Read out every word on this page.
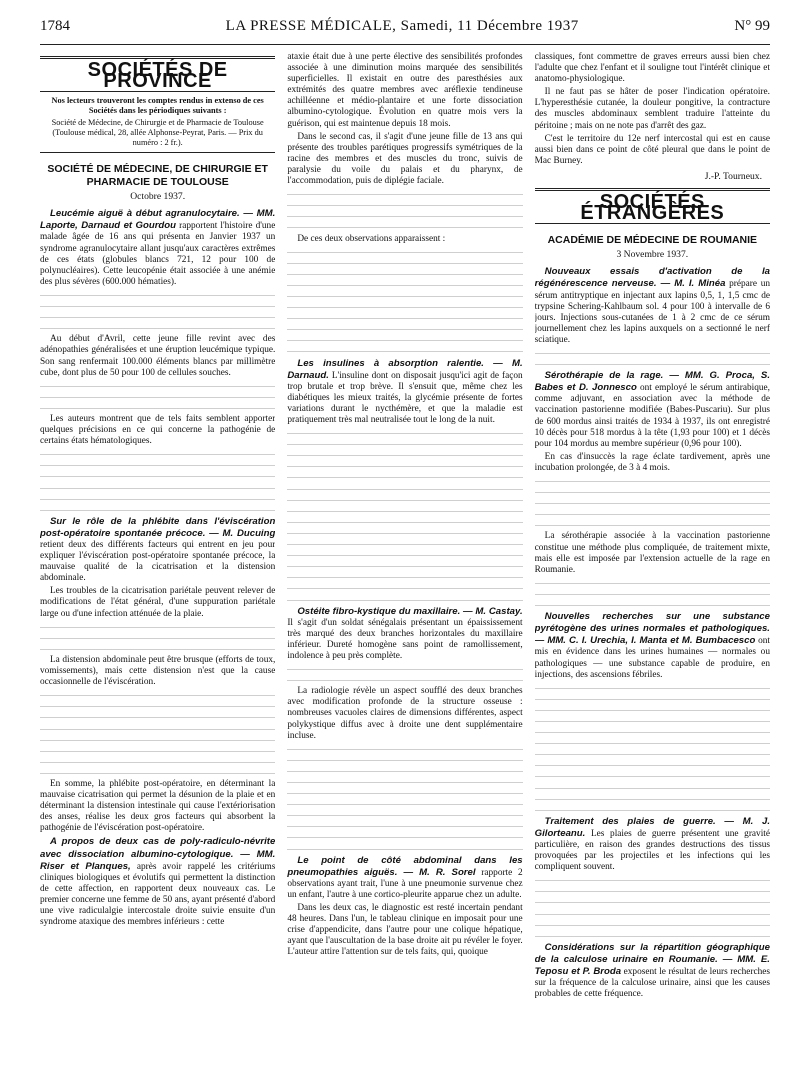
1784	LA PRESSE MÉDICALE, Samedi, 11 Décembre 1937	N° 99
SOCIÉTÉS DE PROVINCE
Nos lecteurs trouveront les comptes rendus in extenso de ces Sociétés dans les périodiques suivants :
Société de Médecine, de Chirurgie et de Pharmacie de Toulouse (Toulouse médical, 28, allée Alphonse-Peyrat, Paris. — Prix du numéro : 2 fr.).
SOCIÉTÉ DE MÉDECINE, DE CHIRURGIE ET PHARMACIE DE TOULOUSE
Octobre 1937.

Leucémie aiguë à début agranulocytaire. — MM. Laporte, Darnaud et Gourdou rapportent l'histoire d'une malade âgée de 16 ans qui présenta en Janvier 1937 un syndrome agranulocytaire allant jusqu'aux caractères extrêmes de ces états (globules blancs 721, 12 pour 100 de polynucléaires). Cette leucopénie était associée à une anémie des plus sévères (600.000 hématies).

Au début d'Avril, cette jeune fille revint avec des adénopathies généralisées et une éruption leucémique typique. Son sang renfermait 100.000 éléments blancs par millimètre cube, dont plus de 50 pour 100 de cellules souches.

Les auteurs montrent que de tels faits semblent apporter quelques précisions en ce qui concerne la pathogénie de certains états hématologiques.

Sur le rôle de la phlébite dans l'éviscération post-opératoire spontanée précoce. — M. Ducuing retient deux des différents facteurs qui entrent en jeu pour expliquer l'éviscération post-opératoire spontanée précoce, la mauvaise qualité de la cicatrisation et la distension abdominale.

Les troubles de la cicatrisation pariétale peuvent relever de modifications de l'état général, d'une suppuration pariétale large ou d'une infection atténuée de la plaie.

La distension abdominale peut être brusque (efforts de toux, vomissements), mais cette distension n'est que la cause occasionnelle de l'éviscération.

En somme, la phlébite post-opératoire, en déterminant la mauvaise cicatrisation qui permet la désunion de la plaie et en déterminant la distension intestinale qui cause l'extériorisation des anses, réalise les deux gros facteurs qui absorbent la pathogénie de l'éviscération post-opératoire.

A propos de deux cas de poly-radiculo-névrite avec dissociation albumino-cytologique. — MM. Riser et Planques, après avoir rappelé les critériums cliniques biologiques et évolutifs qui permettent la distinction de cette affection, en rapportent deux nouveaux cas. Le premier concerne une femme de 50 ans, ayant présenté d'abord une vive radiculalgie intercostale droite suivie ensuite d'un syndrome ataxique des membres inférieurs : cette

ataxie était due à une perte élective des sensibilités profondes associée à une diminution moins marquée des sensibilités superficielles. Il existait en outre des paresthésies aux extrémités des quatre membres avec aréflexie tendineuse achilléenne et médio-plantaire et une forte dissociation albumino-cytologique. Évolution en quatre mois vers la guérison, qui est maintenue depuis 18 mois.

Dans le second cas, il s'agit d'une jeune fille de 13 ans qui présente des troubles parétiques progressifs symétriques de la racine des membres et des muscles du tronc, suivis de paralysie du voile du palais et du pharynx, de l'accommodation, puis de diplégie faciale.

De ces deux observations apparaissent :

Les insulines à absorption ralentie. — M. Darnaud. L'insuline dont on disposait jusqu'ici agit de façon trop brutale et trop brève. Il s'ensuit que, même chez les diabétiques les mieux traités, la glycémie présente de fortes variations durant le nycthémère, et que la maladie est pratiquement très mal neutralisée tout le long de la nuit.

Ostéite fibro-kystique du maxillaire. — M. Castay. Il s'agit d'un soldat sénégalais présentant un épaississement très marqué des deux branches horizontales du maxillaire inférieur. Dureté homogène sans point de ramollissement, indolence à peu près complète.

La radiologie révèle un aspect soufflé des deux branches avec modification profonde de la structure osseuse : nombreuses vacuoles claires de dimensions différentes, aspect polykystique diffus avec à droite une dent supplémentaire incluse.

Le point de côté abdominal dans les pneumopathies aiguës. — M. R. Sorel rapporte 2 observations ayant trait, l'une à une pneumonie survenue chez un enfant, l'autre à une cortico-pleurite apparue chez un adulte.

Dans les deux cas, le diagnostic est resté incertain pendant 48 heures. Dans l'un, le tableau clinique en imposait pour une crise d'appendicite, dans l'autre pour une colique hépatique, ayant que l'auscultation de la base droite ait pu révéler le foyer. L'auteur attire l'attention sur de tels faits, qui, quoique

classiques, font commettre de graves erreurs aussi bien chez l'adulte que chez l'enfant et il souligne tout l'intérêt clinique et anatomo-physiologique.

Il ne faut pas se hâter de poser l'indication opératoire. L'hyperesthésie cutanée, la douleur pongitive, la contracture des muscles abdominaux semblent traduire l'atteinte du péritoine ; mais on ne note pas d'arrêt des gaz.

C'est le territoire du 12e nerf intercostal qui est en cause aussi bien dans ce point de côté pleural que dans le point de Mac Burney.

J.-P. Tourneux.
SOCIÉTÉS ÉTRANGÈRES
ACADÉMIE DE MÉDECINE DE ROUMANIE
3 Novembre 1937.

Nouveaux essais d'activation de la régénérescence nerveuse. — M. I. Minéa prépare un sérum antitryptique en injectant aux lapins 0,5, 1, 1,5 cmc de trypsine Schering-Kahlbaum sol. 4 pour 100 à intervalle de 6 jours. Injections sous-cutanées de 1 à 2 cmc de ce sérum journellement chez les lapins auxquels on a sectionné le nerf sciatique.

Sérothérapie de la rage. — MM. G. Proca, S. Babes et D. Jonnesco ont employé le sérum antirabique, comme adjuvant, en association avec la méthode de vaccination pastorienne modifiée (Babes-Puscariu). Sur plus de 600 mordus ainsi traités de 1934 à 1937, ils ont enregistré 10 décès pour 518 mordus à la tête (1,93 pour 100) et 1 décès pour 104 mordus au membre supérieur (0,96 pour 100).

En cas d'insuccès la rage éclate tardivement, après une incubation prolongée, de 3 à 4 mois.

La sérothérapie associée à la vaccination pastorienne constitue une méthode plus compliquée, de traitement mixte, mais elle est imposée par l'extension actuelle de la rage en Roumanie.

Nouvelles recherches sur une substance pyrétogène des urines normales et pathologiques. — MM. C. I. Urechia, I. Manta et M. Bumbacesco ont mis en évidence dans les urines humaines — normales ou pathologiques — une substance capable de produire, en injections, des ascensions fébriles.

Traitement des plaies de guerre. — M. J. Gilorteanu. Les plaies de guerre présentent une gravité particulière, en raison des grandes destructions des tissus provoquées par les projectiles et les infections qui les compliquent souvent.

Considérations sur la répartition géographique de la calculose urinaire en Roumanie. — MM. E. Teposu et P. Broda exposent le résultat de leurs recherches sur la fréquence de la calculose urinaire, ainsi que les causes probables de cette fréquence.
